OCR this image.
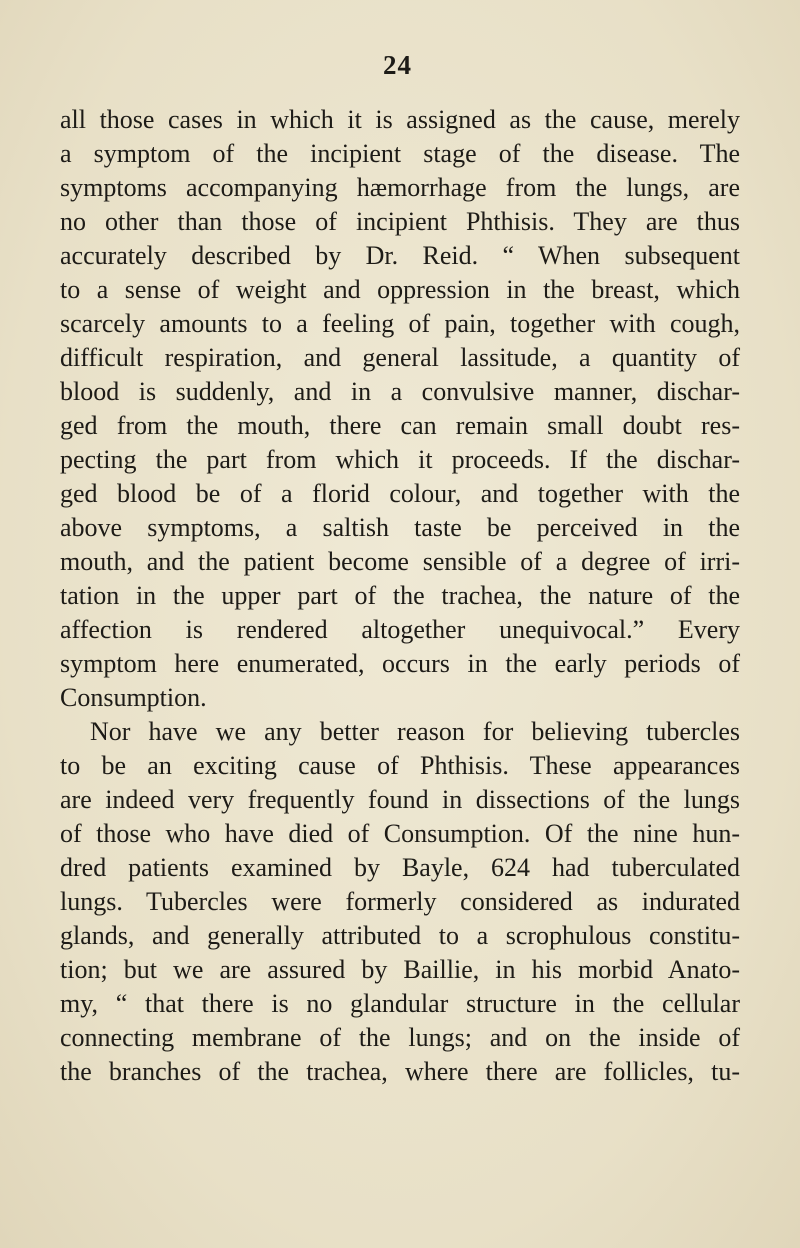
24
all those cases in which it is assigned as the cause, merely
a symptom of the incipient stage of the disease. The
symptoms accompanying hæmorrhage from the lungs, are
no other than those of incipient Phthisis. They are thus
accurately described by Dr. Reid. “ When subsequent
to a sense of weight and oppression in the breast, which
scarcely amounts to a feeling of pain, together with cough,
difficult respiration, and general lassitude, a quantity of
blood is suddenly, and in a convulsive manner, dischar-
ged from the mouth, there can remain small doubt res-
pecting the part from which it proceeds. If the dischar-
ged blood be of a florid colour, and together with the
above symptoms, a saltish taste be perceived in the
mouth, and the patient become sensible of a degree of irri-
tation in the upper part of the trachea, the nature of the
affection is rendered altogether unequivocal.” Every
symptom here enumerated, occurs in the early periods of
Consumption.
Nor have we any better reason for believing tubercles
to be an exciting cause of Phthisis. These appearances
are indeed very frequently found in dissections of the lungs
of those who have died of Consumption. Of the nine hun-
dred patients examined by Bayle, 624 had tuberculated
lungs. Tubercles were formerly considered as indurated
glands, and generally attributed to a scrophulous constitu-
tion; but we are assured by Baillie, in his morbid Anato-
my, “ that there is no glandular structure in the cellular
connecting membrane of the lungs; and on the inside of
the branches of the trachea, where there are follicles, tu-
